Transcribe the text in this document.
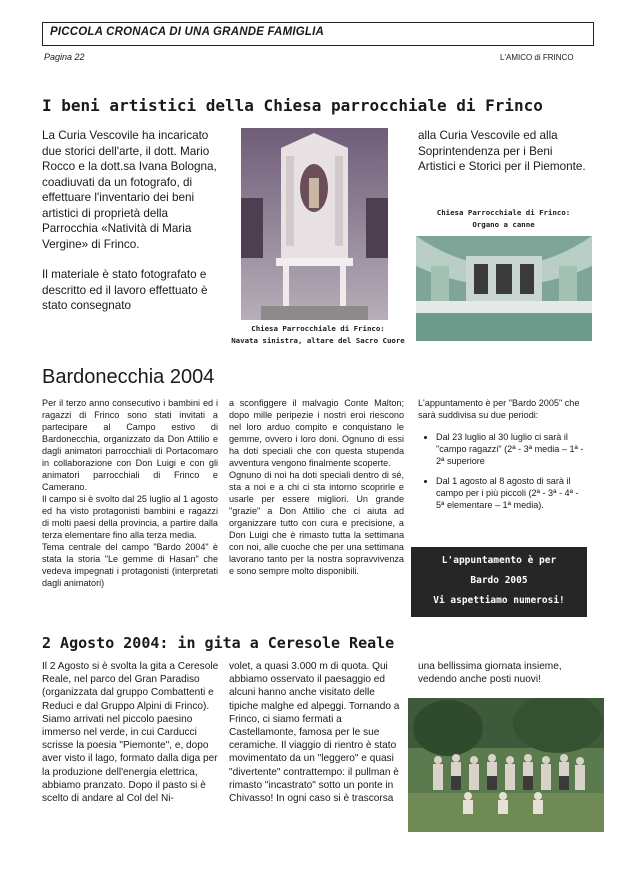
PICCOLA CRONACA DI UNA GRANDE FAMIGLIA
Pagina 22	L'AMICO di FRINCO
I beni artistici della Chiesa parrocchiale di Frinco

La Curia Vescovile ha incaricato due storici dell'arte, il dott. Mario Rocco e la dott.sa Ivana Bologna, coadiuvati da un fotografo, di effettuare l'inventario dei beni artistici di proprietà della Parrocchia «Natività di Maria Vergine» di Frinco.

Il materiale è stato fotografato e descritto ed il lavoro effettuato è stato consegnato

Chiesa Parrocchiale di Frinco:
Navata sinistra, altare del Sacro Cuore
alla Curia Vescovile ed alla Soprintendenza per i Beni Artistici e Storici per il Piemonte.
Chiesa Parrocchiale di Frinco:
Organo a canne
Bardonecchia 2004
Per il terzo anno consecutivo i bambini ed i ragazzi di Frinco sono stati invitati a partecipare al Campo estivo di Bardonecchia, organizzato da Don Attilio e dagli animatori parrocchiali di Portacomaro in collaborazione con Don Luigi e con gli animatori parrocchiali di Frinco e Camerano.
Il campo si è svolto dal 25 luglio al 1 agosto ed ha visto protagonisti bambini e ragazzi di molti paesi della provincia, a partire dalla terza elementare fino alla terza media.
Tema centrale del campo "Bardo 2004" è stata la storia "Le gemme di Hasan" che vedeva impegnati i protagonisti (interpretati dagli animatori)
a sconfiggere il malvagio Conte Malton; dopo mille peripezie i nostri eroi riescono nel loro arduo compito e conquistano le gemme, ovvero i loro doni. Ognuno di essi ha doti speciali che con questa stupenda avventura vengono finalmente scoperte.
Ognuno di noi ha doti speciali dentro di sé, sta a noi e a chi ci sta intorno scoprirle e usarle per essere migliori. Un grande "grazie" a Don Attilio che ci aiuta ad organizzare tutto con cura e precisione, a Don Luigi che è rimasto tutta la settimana con noi, alle cuoche che per una settimana lavorano tanto per la nostra sopravvivenza e sono sempre molto disponibili.
L'appuntamento è per "Bardo 2005" che sarà suddivisa su due periodi:
• Dal 23 luglio al 30 luglio ci sarà il "campo ragazzi" (2ª - 3ª media – 1ª - 2ª superiore
• Dal 1 agosto al 8 agosto di sarà il campo per i più piccoli (2ª - 3ª - 4ª - 5ª elementare – 1ª media).
L'appuntamento è per
Bardo 2005
Vi aspettiamo numerosi!
2 Agosto 2004: in gita a Ceresole Reale
Il 2 Agosto si è svolta la gita a Ceresole Reale, nel parco del Gran Paradiso (organizzata dal gruppo Combattenti e Reduci e dal Gruppo Alpini di Frinco). Siamo arrivati nel piccolo paesino immerso nel verde, in cui Carducci scrisse la poesia "Piemonte", e, dopo aver visto il lago, formato dalla diga per la produzione dell'energia elettrica, abbiamo pranzato. Dopo il pasto si è scelto di andare al Col del Ni-
volet, a quasi 3.000 m di quota. Qui abbiamo osservato il paesaggio ed alcuni hanno anche visitato delle tipiche malghe ed alpeggi. Tornando a Frinco, ci siamo fermati a Castellamonte, famosa per le sue ceramiche. Il viaggio di rientro è stato movimentato da un "leggero" e quasi "divertente" contrattempo: il pullman è rimasto "incastrato" sotto un ponte in Chivasso! In ogni caso si è trascorsa
una bellissima giornata insieme, vedendo anche posti nuovi!
